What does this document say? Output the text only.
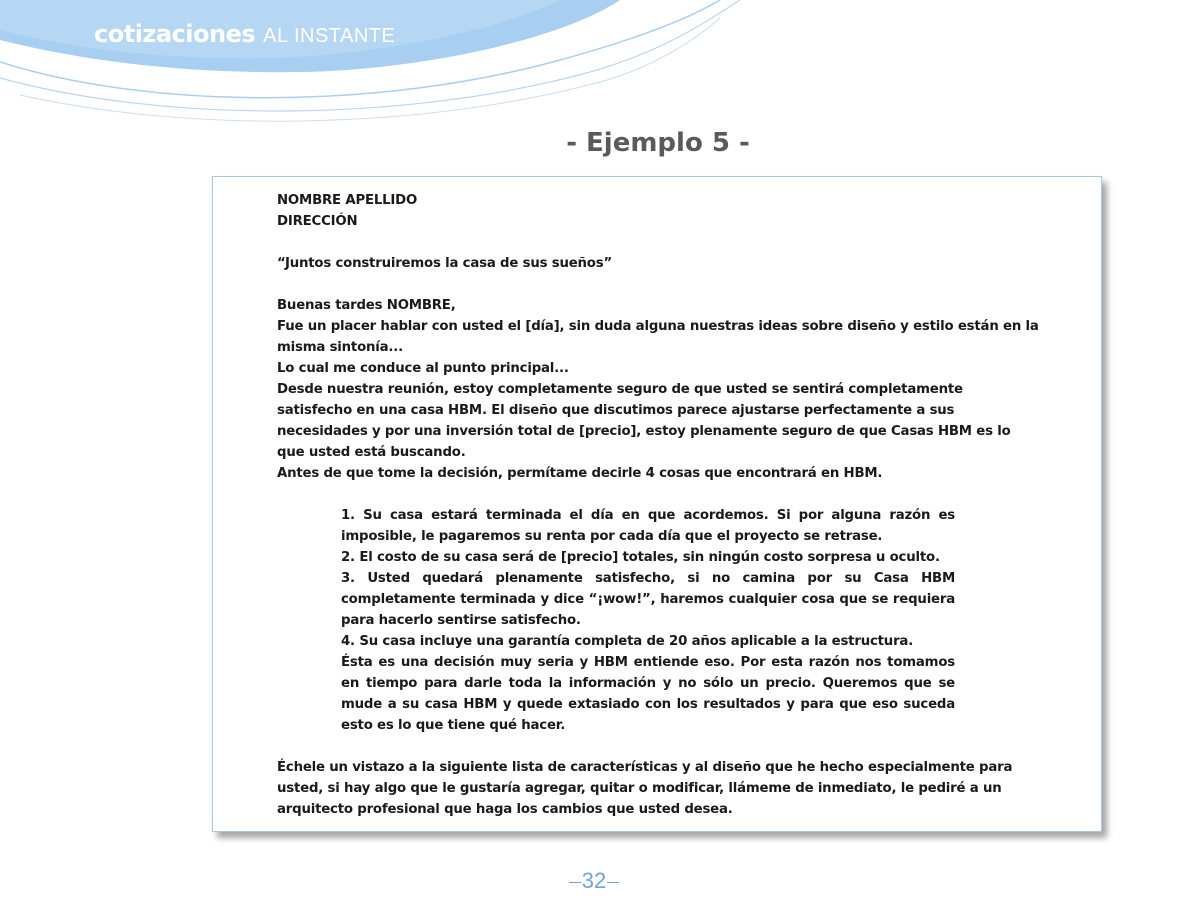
cotizaciones AL INSTANTE
- Ejemplo 5 -

NOMBRE APELLIDO

DIRECCIÓN

“Juntos construiremos la casa de sus sueños”

Buenas tardes NOMBRE,

Fue un placer hablar con usted el [día], sin duda alguna nuestras ideas sobre diseño y estilo están en la misma sintonía...

Lo cual me conduce al punto principal...

Desde nuestra reunión, estoy completamente seguro de que usted se sentirá completamente satisfecho en una casa HBM. El diseño que discutimos parece ajustarse perfectamente a sus necesidades y por una inversión total de [precio], estoy plenamente seguro de que Casas HBM es lo que usted está buscando.

Antes de que tome la decisión, permítame decirle 4 cosas que encontrará en HBM.

1. Su casa estará terminada el día en que acordemos. Si por alguna razón es imposible, le pagaremos su renta por cada día que el proyecto se retrase.

2. El costo de su casa será de [precio] totales, sin ningún costo sorpresa u oculto.

3. Usted quedará plenamente satisfecho, si no camina por su Casa HBM completamente terminada y dice “¡wow!”, haremos cualquier cosa que se requiera para hacerlo sentirse satisfecho.

4. Su casa incluye una garantía completa de 20 años aplicable a la estructura.

Ésta es una decisión muy seria y HBM entiende eso. Por esta razón nos tomamos en tiempo para darle toda la información y no sólo un precio. Queremos que se mude a su casa HBM y quede extasiado con los resultados y para que eso suceda esto es lo que tiene qué hacer.

Échele un vistazo a la siguiente lista de características y al diseño que he hecho especialmente para usted, si hay algo que le gustaría agregar, quitar o modificar, llámeme de inmediato, le pediré a un arquitecto profesional que haga los cambios que usted desea.

32
